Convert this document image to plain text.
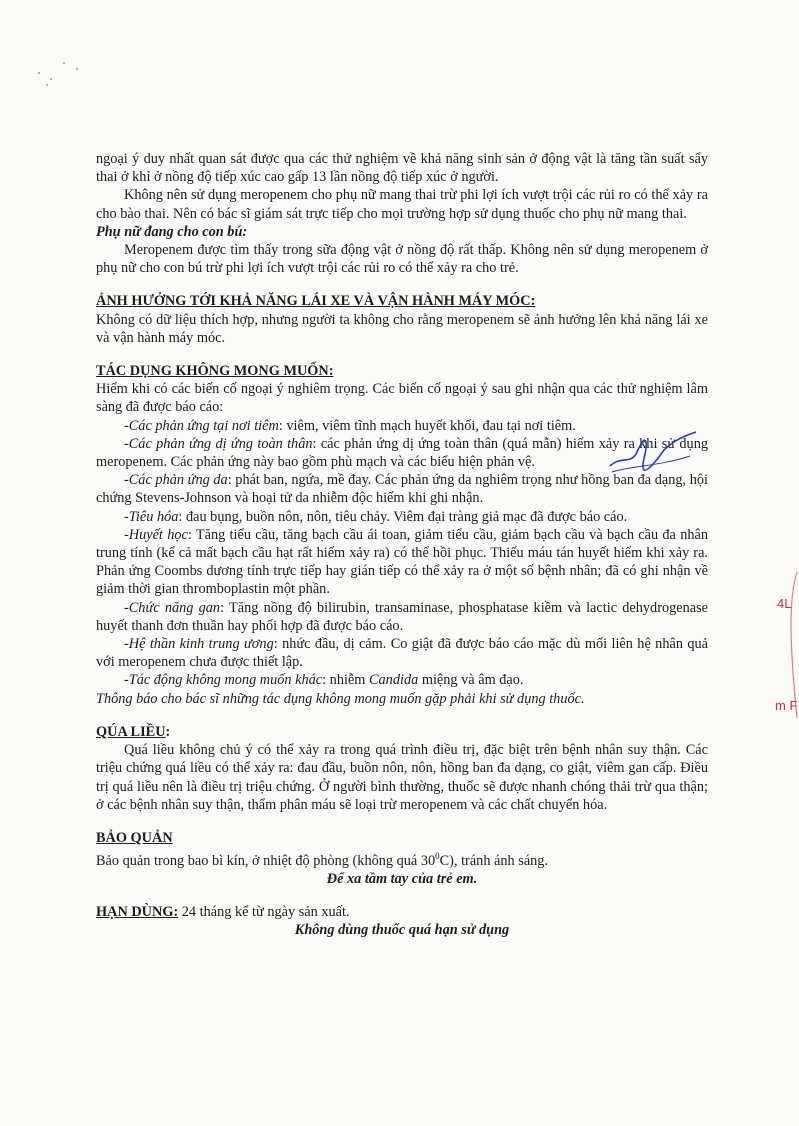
ngoại ý duy nhất quan sát được qua các thử nghiệm về khả năng sinh sản ở động vật là tăng tần suất sẩy thai ở khỉ ở nồng độ tiếp xúc cao gấp 13 lần nồng độ tiếp xúc ở người.

Không nên sử dụng meropenem cho phụ nữ mang thai trừ phi lợi ích vượt trội các rủi ro có thể xảy ra cho bào thai. Nên có bác sĩ giám sát trực tiếp cho mọi trường hợp sử dụng thuốc cho phụ nữ mang thai.

Phụ nữ đang cho con bú:

Meropenem được tìm thấy trong sữa động vật ở nồng độ rất thấp. Không nên sử dụng meropenem ở phụ nữ cho con bú trừ phi lợi ích vượt trội các rủi ro có thể xảy ra cho trẻ.

ẢNH HƯỞNG TỚI KHẢ NĂNG LÁI XE VÀ VẬN HÀNH MÁY MÓC:

Không có dữ liệu thích hợp, nhưng người ta không cho rằng meropenem sẽ ảnh hưởng lên khả năng lái xe và vận hành máy móc.

TÁC DỤNG KHÔNG MONG MUỐN:

Hiếm khi có các biến cố ngoại ý nghiêm trọng. Các biến cố ngoại ý sau ghi nhận qua các thử nghiệm lâm sàng đã được báo cáo:

-Các phản ứng tại nơi tiêm: viêm, viêm tĩnh mạch huyết khối, đau tại nơi tiêm.

-Các phản ứng dị ứng toàn thân: các phản ứng dị ứng toàn thân (quá mẫn) hiếm xảy ra khi sử dụng meropenem. Các phản ứng này bao gồm phù mạch và các biểu hiện phản vệ.

-Các phản ứng da: phát ban, ngứa, mề đay. Các phản ứng da nghiêm trọng như hồng ban đa dạng, hội chứng Stevens-Johnson và hoại tử da nhiễm độc hiếm khi ghi nhận.

-Tiêu hóa: đau bụng, buồn nôn, nôn, tiêu chảy. Viêm đại tràng giả mạc đã được báo cáo.

-Huyết học: Tăng tiểu cầu, tăng bạch cầu ái toan, giảm tiểu cầu, giảm bạch cầu và bạch cầu đa nhân trung tính (kể cả mất bạch cầu hạt rất hiếm xảy ra) có thể hồi phục. Thiếu máu tán huyết hiếm khi xảy ra. Phản ứng Coombs dương tính trực tiếp hay gián tiếp có thể xảy ra ở một số bệnh nhân; đã có ghi nhận về giảm thời gian thromboplastin một phần.

-Chức năng gan: Tăng nồng độ bilirubin, transaminase, phosphatase kiềm và lactic dehydrogenase huyết thanh đơn thuần hay phối hợp đã được báo cáo.

-Hệ thần kinh trung ương: nhức đầu, dị cảm. Co giật đã được báo cáo mặc dù mối liên hệ nhân quả với meropenem chưa được thiết lập.

-Tác động không mong muốn khác: nhiễm Candida miệng và âm đạo.

Thông báo cho bác sĩ những tác dụng không mong muốn gặp phải khi sử dụng thuốc.

QÚA LIỀU:

Quá liều không chủ ý có thể xảy ra trong quá trình điều trị, đặc biệt trên bệnh nhân suy thận. Các triệu chứng quá liều có thể xảy ra: đau đầu, buồn nôn, nôn, hồng ban đa dạng, co giật, viêm gan cấp. Điều trị quá liều nên là điều trị triệu chứng. Ở người bình thường, thuốc sẽ được nhanh chóng thải trừ qua thận; ở các bệnh nhân suy thận, thẩm phân máu sẽ loại trừ meropenem và các chất chuyển hóa.

BẢO QUẢN

Bảo quản trong bao bì kín, ở nhiệt độ phòng (không quá $30^0C$), tránh ánh sáng.

Để xa tầm tay của trẻ em.

HẠN DÙNG: 24 tháng kể từ ngày sản xuất.

Không dùng thuốc quá hạn sử dụng

4L
m F
